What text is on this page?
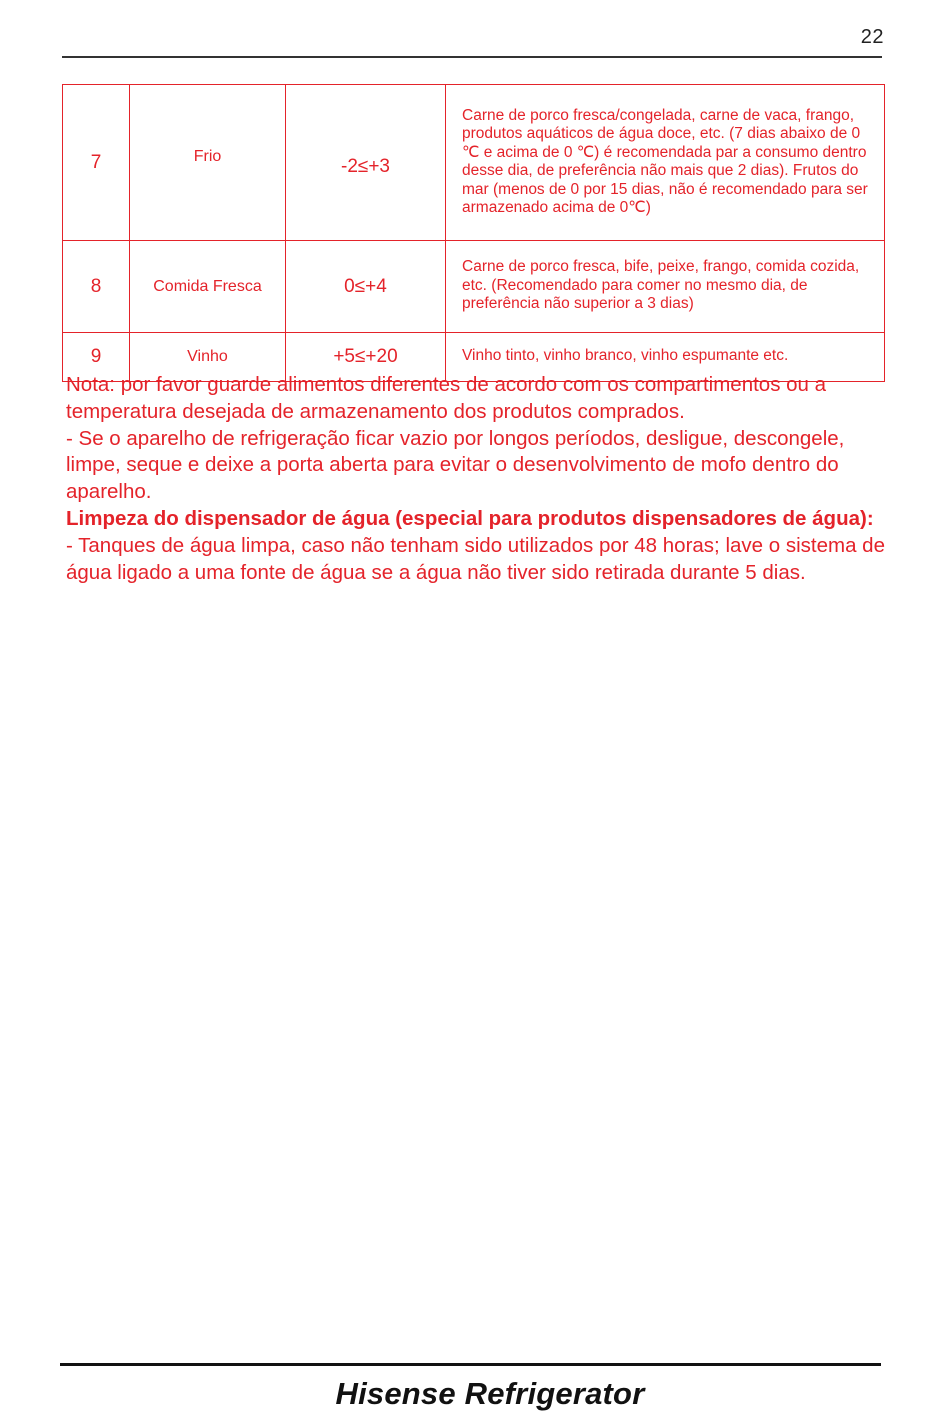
22
7	Frio	-2≤+3	Carne de porco fresca/congelada, carne de vaca, frango, produtos aquáticos de água doce, etc. (7 dias abaixo de 0 ℃ e acima de 0 ℃) é recomendada par a consumo dentro desse dia, de preferência não mais que 2 dias). Frutos do mar (menos de 0 por 15 dias, não é recomendado para ser armazenado acima de 0℃)
8	Comida Fresca	0≤+4	Carne de porco fresca, bife, peixe, frango, comida cozida, etc. (Recomendado para comer no mesmo dia, de preferência não superior a 3 dias)
9	Vinho	+5≤+20	Vinho tinto, vinho branco, vinho espumante etc.

Nota: por favor guarde alimentos diferentes de acordo com os compartimentos ou a temperatura desejada de armazenamento dos produtos comprados.

- Se o aparelho de refrigeração ficar vazio por longos períodos, desligue, descongele, limpe, seque e deixe a porta aberta para evitar o desenvolvimento de mofo dentro do aparelho.

Limpeza do dispensador de água (especial para produtos dispensadores de água):

- Tanques de água limpa, caso não tenham sido utilizados por 48 horas; lave o sistema de água ligado a uma fonte de água se a água não tiver sido retirada durante 5 dias.

Hisense Refrigerator
